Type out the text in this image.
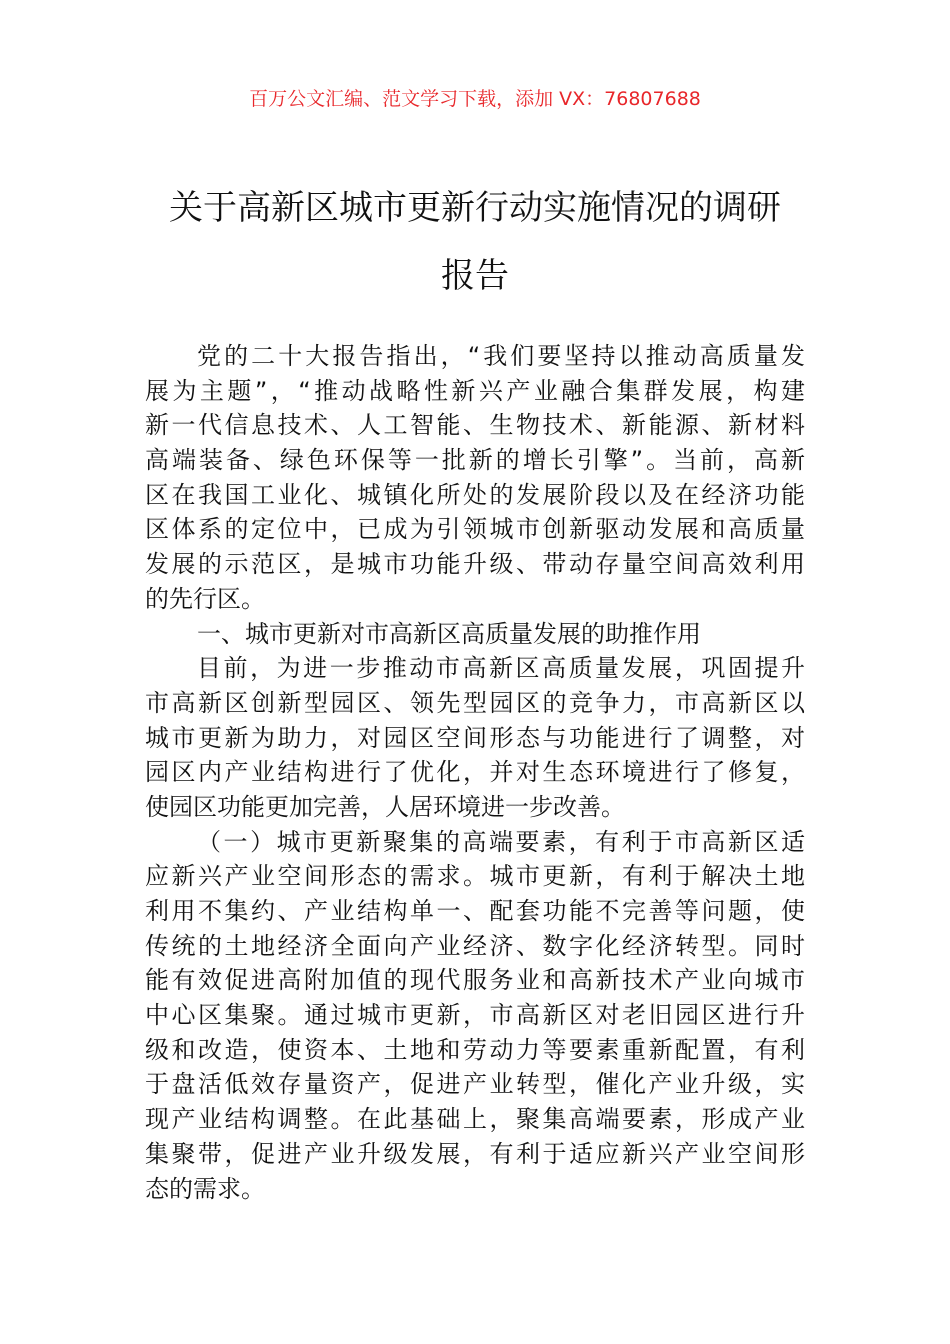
百万公文汇编、范文学习下载，添加 VX：76807688
关于高新区城市更新行动实施情况的调研
报告
党的二十大报告指出，“我们要坚持以推动高质量发
展为主题”，“推动战略性新兴产业融合集群发展，构建
新一代信息技术、人工智能、生物技术、新能源、新材料
高端装备、绿色环保等一批新的增长引擎”。当前，高新
区在我国工业化、城镇化所处的发展阶段以及在经济功能
区体系的定位中，已成为引领城市创新驱动发展和高质量
发展的示范区，是城市功能升级、带动存量空间高效利用
的先行区。
一、城市更新对市高新区高质量发展的助推作用
目前，为进一步推动市高新区高质量发展，巩固提升
市高新区创新型园区、领先型园区的竞争力，市高新区以
城市更新为助力，对园区空间形态与功能进行了调整，对
园区内产业结构进行了优化，并对生态环境进行了修复，
使园区功能更加完善，人居环境进一步改善。
（一）城市更新聚集的高端要素，有利于市高新区适
应新兴产业空间形态的需求。城市更新，有利于解决土地
利用不集约、产业结构单一、配套功能不完善等问题，使
传统的土地经济全面向产业经济、数字化经济转型。同时
能有效促进高附加值的现代服务业和高新技术产业向城市
中心区集聚。通过城市更新，市高新区对老旧园区进行升
级和改造，使资本、土地和劳动力等要素重新配置，有利
于盘活低效存量资产，促进产业转型，催化产业升级，实
现产业结构调整。在此基础上，聚集高端要素，形成产业
集聚带，促进产业升级发展，有利于适应新兴产业空间形
态的需求。
